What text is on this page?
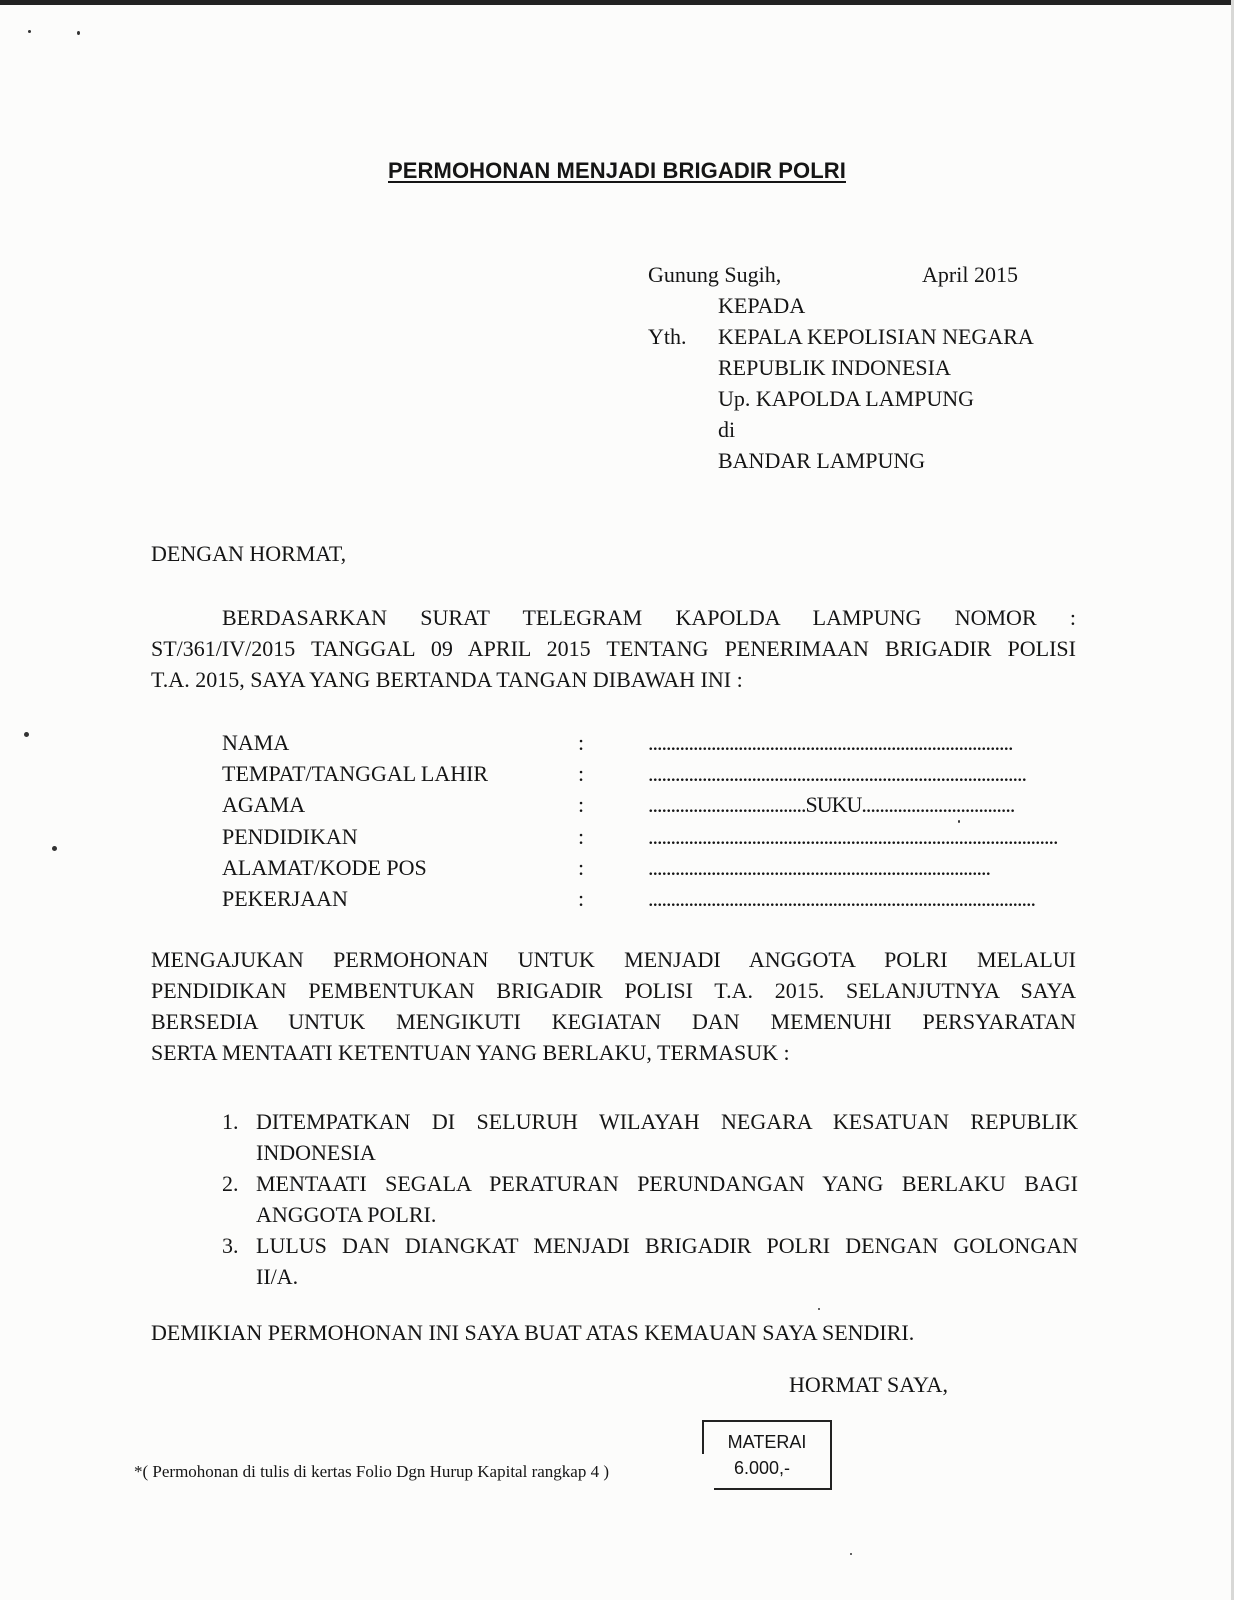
PERMOHONAN MENJADI BRIGADIR POLRI
Gunung Sugih,	April 2015
KEPADA
Yth. KEPALA KEPOLISIAN NEGARA
REPUBLIK INDONESIA
Up. KAPOLDA LAMPUNG
di
BANDAR LAMPUNG
DENGAN HORMAT,
BERDASARKAN SURAT TELEGRAM KAPOLDA LAMPUNG NOMOR :
ST/361/IV/2015 TANGGAL 09 APRIL 2015 TENTANG PENERIMAAN BRIGADIR POLISI
T.A. 2015, SAYA YANG BERTANDA TANGAN DIBAWAH INI :
NAMA	:	.................................................................................
TEMPAT/TANGGAL LAHIR	:	....................................................................................
AGAMA	:	...................................SUKU..................................
PENDIDIKAN	:	...........................................................................................
ALAMAT/KODE POS	:	............................................................................
PEKERJAAN	:	......................................................................................
MENGAJUKAN PERMOHONAN UNTUK MENJADI ANGGOTA POLRI MELALUI
PENDIDIKAN PEMBENTUKAN BRIGADIR POLISI T.A. 2015. SELANJUTNYA SAYA
BERSEDIA UNTUK MENGIKUTI KEGIATAN DAN MEMENUHI PERSYARATAN
SERTA MENTAATI KETENTUAN YANG BERLAKU, TERMASUK :
1. DITEMPATKAN DI SELURUH WILAYAH NEGARA KESATUAN REPUBLIK
INDONESIA
2. MENTAATI SEGALA PERATURAN PERUNDANGAN YANG BERLAKU BAGI
ANGGOTA POLRI.
3. LULUS DAN DIANGKAT MENJADI BRIGADIR POLRI DENGAN GOLONGAN
II/A.
DEMIKIAN PERMOHONAN INI SAYA BUAT ATAS KEMAUAN SAYA SENDIRI.
HORMAT SAYA,
MATERAI
6.000,-
*( Permohonan di tulis di kertas Folio Dgn Hurup Kapital rangkap 4 )
